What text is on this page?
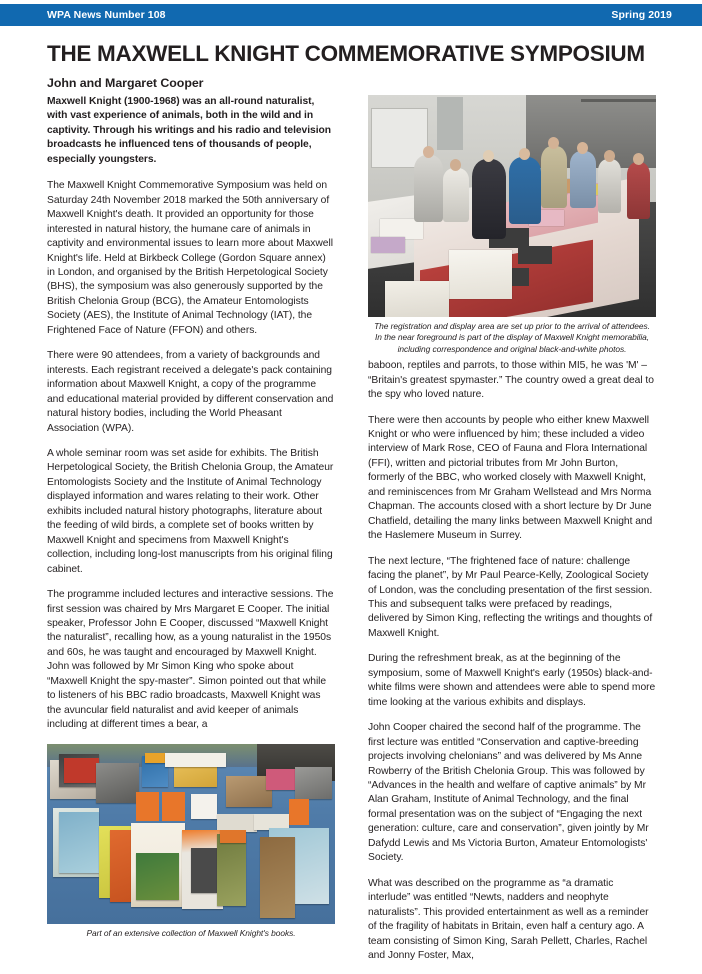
WPA News Number 108	Spring 2019
THE MAXWELL KNIGHT COMMEMORATIVE SYMPOSIUM

John and Margaret Cooper

Maxwell Knight (1900-1968) was an all-round naturalist, with vast experience of animals, both in the wild and in captivity. Through his writings and his radio and television broadcasts he influenced tens of thousands of people, especially youngsters.

The Maxwell Knight Commemorative Symposium was held on Saturday 24th November 2018 marked the 50th anniversary of Maxwell Knight's death. It provided an opportunity for those interested in natural history, the humane care of animals in captivity and environmental issues to learn more about Maxwell Knight's life. Held at Birkbeck College (Gordon Square annex) in London, and organised by the British Herpetological Society (BHS), the symposium was also generously supported by the British Chelonia Group (BCG), the Amateur Entomologists Society (AES), the Institute of Animal Technology (IAT), the Frightened Face of Nature (FFON) and others.

There were 90 attendees, from a variety of backgrounds and interests. Each registrant received a delegate's pack containing information about Maxwell Knight, a copy of the programme and educational material provided by different conservation and natural history bodies, including the World Pheasant Association (WPA).

A whole seminar room was set aside for exhibits. The British Herpetological Society, the British Chelonia Group, the Amateur Entomologists Society and the Institute of Animal Technology displayed information and wares relating to their work. Other exhibits included natural history photographs, literature about the feeding of wild birds, a complete set of books written by Maxwell Knight and specimens from Maxwell Knight's collection, including long-lost manuscripts from his original filing cabinet.

The programme included lectures and interactive sessions. The first session was chaired by Mrs Margaret E Cooper. The initial speaker, Professor John E Cooper, discussed “Maxwell Knight the naturalist”, recalling how, as a young naturalist in the 1950s and 60s, he was taught and encouraged by Maxwell Knight. John was followed by Mr Simon King who spoke about “Maxwell Knight the spy-master”. Simon pointed out that while to listeners of his BBC radio broadcasts, Maxwell Knight was the avuncular field naturalist and avid keeper of animals including at different times a bear, a

Part of an extensive collection of Maxwell Knight's books.
The registration and display area are set up prior to the arrival of attendees. In the near foreground is part of the display of Maxwell Knight memorabilia, including correspondence and original black-and-white photos.

baboon, reptiles and parrots, to those within MI5, he was 'M' – “Britain's greatest spymaster.” The country owed a great deal to the spy who loved nature.

There were then accounts by people who either knew Maxwell Knight or who were influenced by him; these included a video interview of Mark Rose, CEO of Fauna and Flora International (FFI), written and pictorial tributes from Mr John Burton, formerly of the BBC, who worked closely with Maxwell Knight, and reminiscences from Mr Graham Wellstead and Mrs Norma Chapman. The accounts closed with a short lecture by Dr June Chatfield, detailing the many links between Maxwell Knight and the Haslemere Museum in Surrey.

The next lecture, “The frightened face of nature: challenge facing the planet”, by Mr Paul Pearce-Kelly, Zoological Society of London, was the concluding presentation of the first session. This and subsequent talks were prefaced by readings, delivered by Simon King, reflecting the writings and thoughts of Maxwell Knight.

During the refreshment break, as at the beginning of the symposium, some of Maxwell Knight's early (1950s) black-and-white films were shown and attendees were able to spend more time looking at the various exhibits and displays.

John Cooper chaired the second half of the programme. The first lecture was entitled “Conservation and captive-breeding projects involving chelonians” and was delivered by Ms Anne Rowberry of the British Chelonia Group. This was followed by “Advances in the health and welfare of captive animals” by Mr Alan Graham, Institute of Animal Technology, and the final formal presentation was on the subject of “Engaging the next generation: culture, care and conservation”, given jointly by Mr Dafydd Lewis and Ms Victoria Burton, Amateur Entomologists' Society.

What was described on the programme as “a dramatic interlude” was entitled “Newts, nadders and neophyte naturalists”. This provided entertainment as well as a reminder of the fragility of habitats in Britain, even half a century ago. A team consisting of Simon King, Sarah Pellett, Charles, Rachel and Jonny Foster, Max,
